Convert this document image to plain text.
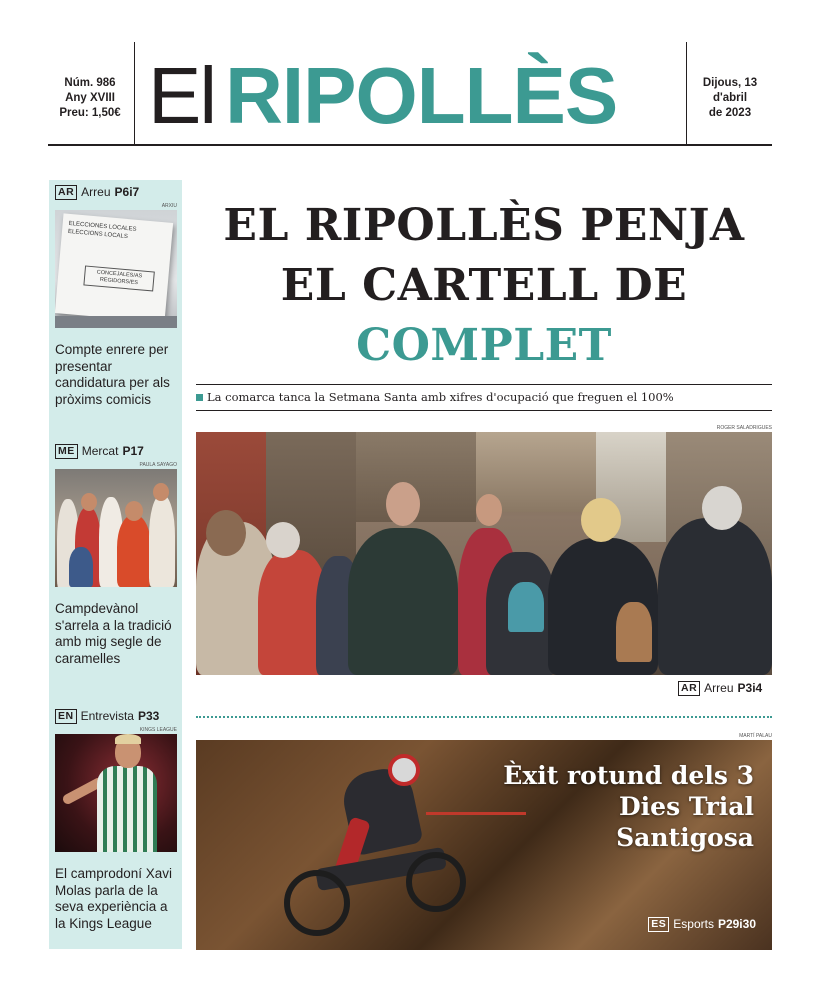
Núm. 986
Any XVIII
Preu: 1,50€ El RIPOLLÈS	Dijous, 13
d'abril
de 2023
AR Arreu P6i7
ARXIU
ELECCIONES LOCALES
ELECCIONS LOCALS
CONCEJALES/AS
REGIDORS/ES
Compte enrere per presentar candidatura per als pròxims comicis
ME Mercat P17
PAULA SAYAGO
Campdevànol s'arrela a la tradició amb mig segle de caramelles
EN Entrevista P33
KINGS LEAGUE
El camprodoní Xavi Molas parla de la seva experiència a la Kings League
EL RIPOLLÈS PENJA
EL CARTELL DE
COMPLET
La comarca tanca la Setmana Santa amb xifres d'ocupació que freguen el 100%
ROGER SALADRIGUES
AR Arreu P3i4
MARTÍ PALAU
Èxit rotund dels 3 Dies Trial Santigosa
ES Esports P29i30
